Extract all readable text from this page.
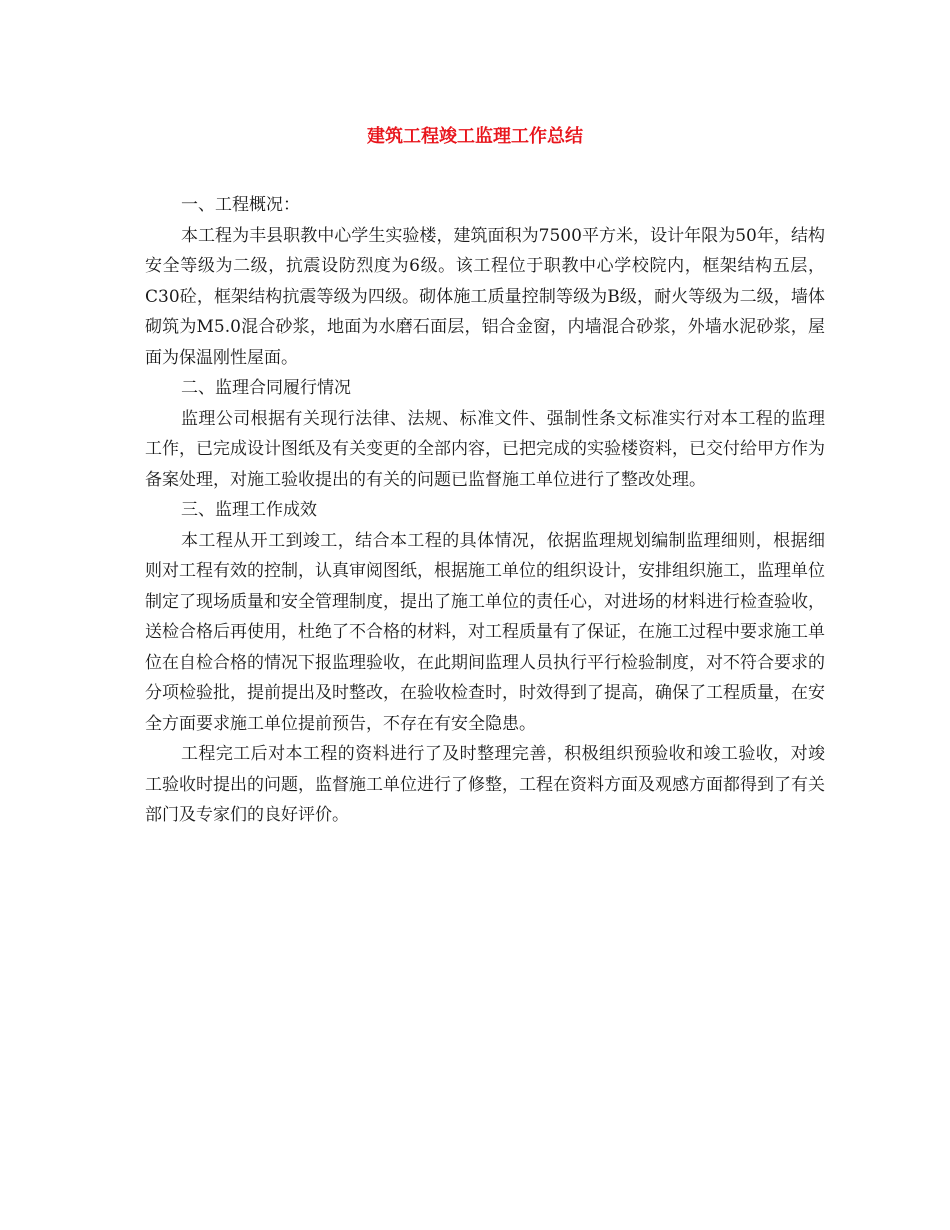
建筑工程竣工监理工作总结

一、工程概况：

本工程为丰县职教中心学生实验楼，建筑面积为7500平方米，设计年限为50年，结构安全等级为二级，抗震设防烈度为6级。该工程位于职教中心学校院内，框架结构五层，C30砼，框架结构抗震等级为四级。砌体施工质量控制等级为B级，耐火等级为二级，墙体砌筑为M5.0混合砂浆，地面为水磨石面层，铝合金窗，内墙混合砂浆，外墙水泥砂浆，屋面为保温刚性屋面。

二、监理合同履行情况

监理公司根据有关现行法律、法规、标准文件、强制性条文标准实行对本工程的监理工作，已完成设计图纸及有关变更的全部内容，已把完成的实验楼资料，已交付给甲方作为备案处理，对施工验收提出的有关的问题已监督施工单位进行了整改处理。

三、监理工作成效

本工程从开工到竣工，结合本工程的具体情况，依据监理规划编制监理细则，根据细则对工程有效的控制，认真审阅图纸，根据施工单位的组织设计，安排组织施工，监理单位制定了现场质量和安全管理制度，提出了施工单位的责任心，对进场的材料进行检查验收，送检合格后再使用，杜绝了不合格的材料，对工程质量有了保证，在施工过程中要求施工单位在自检合格的情况下报监理验收，在此期间监理人员执行平行检验制度，对不符合要求的分项检验批，提前提出及时整改，在验收检查时，时效得到了提高，确保了工程质量，在安全方面要求施工单位提前预告，不存在有安全隐患。

工程完工后对本工程的资料进行了及时整理完善，积极组织预验收和竣工验收，对竣工验收时提出的问题，监督施工单位进行了修整，工程在资料方面及观感方面都得到了有关部门及专家们的良好评价。
